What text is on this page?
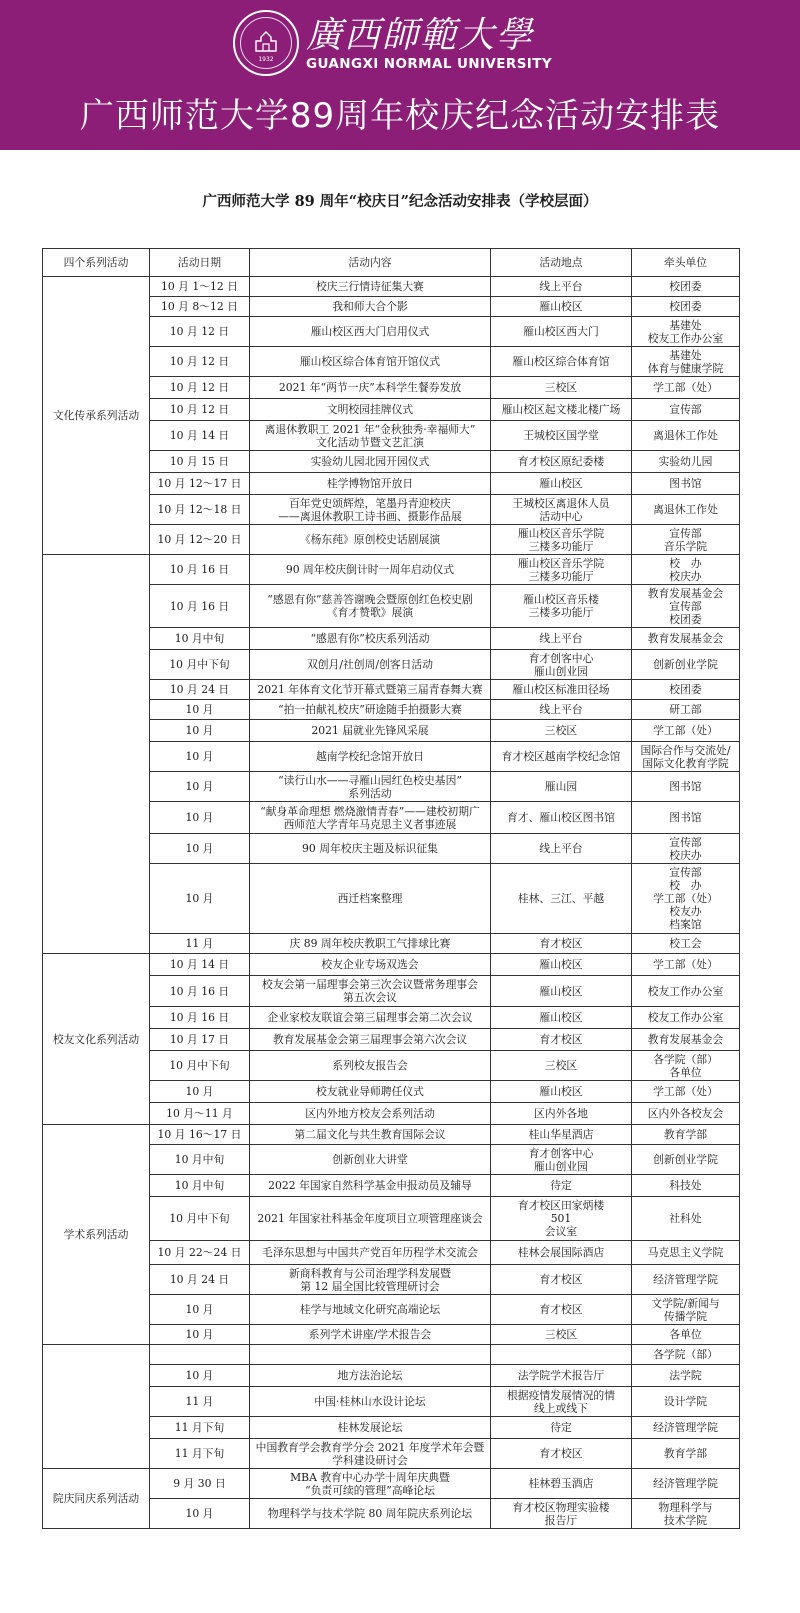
1932
廣西師範大學
GUANGXI NORMAL UNIVERSITY
广西师范大学89周年校庆纪念活动安排表
广西师范大学 89 周年“校庆日”纪念活动安排表（学校层面）
四个系列活动	活动日期	活动内容	活动地点	牵头单位
文化传承系列活动	10 月 1～12 日	校庆三行情诗征集大赛	线上平台	校团委

	10 月 8～12 日	我和师大合个影	雁山校区	校团委

	10 月 12 日	雁山校区西大门启用仪式	雁山校区西大门	基建处
校友工作办公室

	10 月 12 日	雁山校区综合体育馆开馆仪式	雁山校区综合体育馆	基建处
体育与健康学院

	10 月 12 日	2021 年“两节一庆”本科学生餐券发放	三校区	学工部（处）

	10 月 12 日	文明校园挂牌仪式	雁山校区起文楼北楼广场	宣传部

	10 月 14 日	离退休教职工 2021 年“金秋独秀·幸福师大”
文化活动节暨文艺汇演	王城校区国学堂	离退休工作处

	10 月 15 日	实验幼儿园北园开园仪式	育才校区原纪委楼	实验幼儿园

	10 月 12～17 日	桂学博物馆开放日	雁山校区	图书馆

	10 月 12～18 日	百年党史颂辉煌，笔墨丹青迎校庆
——离退休教职工诗书画、摄影作品展	王城校区离退休人员
活动中心	离退休工作处

	10 月 12～20 日	《杨东莼》原创校史话剧展演	雁山校区音乐学院
三楼多功能厅	宣传部
音乐学院

	10 月 16 日	90 周年校庆倒计时一周年启动仪式	雁山校区音乐学院
三楼多功能厅	校　办
校庆办

	10 月 16 日	“感恩有你”慈善答谢晚会暨原创红色校史剧
《育才赞歌》展演	雁山校区音乐楼
三楼多功能厅	教育发展基金会
宣传部
校团委

	10 月中旬	“感恩有你”校庆系列活动	线上平台	教育发展基金会

	10 月中下旬	双创月/社创周/创客日活动	育才创客中心
雁山创业园	创新创业学院

	10 月 24 日	2021 年体育文化节开幕式暨第三届青春舞大赛	雁山校区标准田径场	校团委

	10 月	“拍一拍献礼校庆”研途随手拍摄影大赛	线上平台	研工部

	10 月	2021 届就业先锋风采展	三校区	学工部（处）

	10 月	越南学校纪念馆开放日	育才校区越南学校纪念馆	国际合作与交流处/
国际文化教育学院

	10 月	“读行山水——寻雁山园红色校史基因”
系列活动	雁山园	图书馆

	10 月	“献身革命理想 燃烧激情青春”——建校初期广
西师范大学青年马克思主义者事迹展	育才、雁山校区图书馆	图书馆

	10 月	90 周年校庆主题及标识征集	线上平台	宣传部
校庆办

	10 月	西迁档案整理	桂林、三江、平越	宣传部
校　办
学工部（处）
校友办
档案馆

	11 月	庆 89 周年校庆教职工气排球比赛	育才校区	校工会

校友文化系列活动	10 月 14 日	校友企业专场双选会	雁山校区	学工部（处）

	10 月 16 日	校友会第一届理事会第三次会议暨常务理事会
第五次会议	雁山校区	校友工作办公室

	10 月 16 日	企业家校友联谊会第三届理事会第二次会议	雁山校区	校友工作办公室

	10 月 17 日	教育发展基金会第三届理事会第六次会议	育才校区	教育发展基金会

	10 月中下旬	系列校友报告会	三校区	各学院（部）
各单位

	10 月	校友就业导师聘任仪式	雁山校区	学工部（处）

	10 月～11 月	区内外地方校友会系列活动	区内外各地	区内外各校友会

学术系列活动	10 月 16～17 日	第二届文化与共生教育国际会议	桂山华星酒店	教育学部

	10 月中旬	创新创业大讲堂	育才创客中心
雁山创业园	创新创业学院

	10 月中旬	2022 年国家自然科学基金申报动员及辅导	待定	科技处

	10 月中下旬	2021 年国家社科基金年度项目立项管理座谈会	育才校区田家炳楼
501
会议室	社科处

	10 月 22～24 日	毛泽东思想与中国共产党百年历程学术交流会	桂林会展国际酒店	马克思主义学院

	10 月 24 日	新商科教育与公司治理学科发展暨
第 12 届全国比较管理研讨会	育才校区	经济管理学院

	10 月	桂学与地域文化研究高端论坛	育才校区	文学院/新闻与
传播学院

	10 月	系列学术讲座/学术报告会	三校区	各单位

				各学院（部）

	10 月	地方法治论坛	法学院学术报告厅	法学院

	11 月	中国·桂林山水设计论坛	根据疫情发展情况的情
线上或线下	设计学院

	11 月下旬	桂林发展论坛	待定	经济管理学院

	11 月下旬	中国教育学会教育学分会 2021 年度学术年会暨
学科建设研讨会	育才校区	教育学部

院庆同庆系列活动	9 月 30 日	MBA 教育中心办学十周年庆典暨
“负责可续的管理”高峰论坛	桂林碧玉酒店	经济管理学院

	10 月	物理科学与技术学院 80 周年院庆系列论坛	育才校区物理实验楼
报告厅	物理科学与
技术学院
